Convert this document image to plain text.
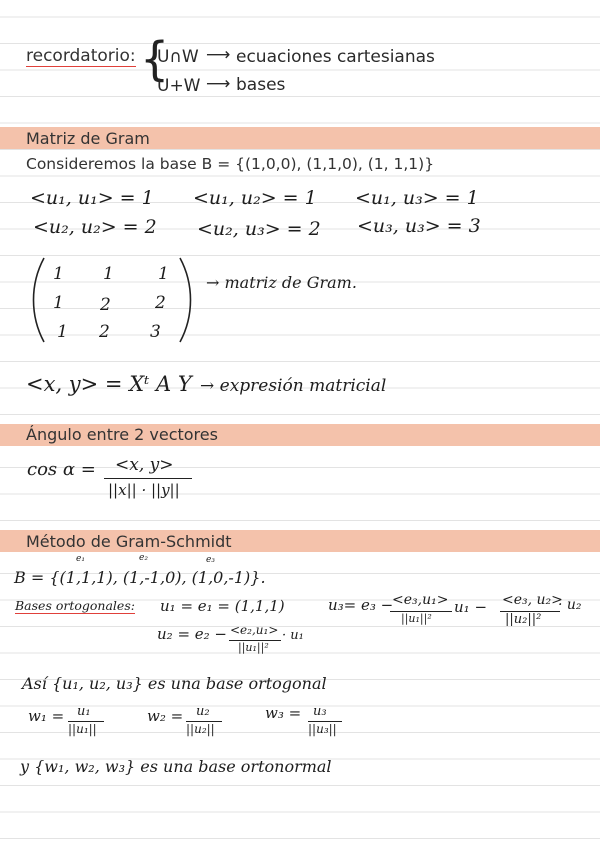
recordatorio: {
U∩W ⟶ ecuaciones cartesianas
U+W ⟶ bases
Matriz de Gram
Consideremos la base B = {(1,0,0), (1,1,0), (1, 1,1)}
<u₁, u₁> = 1 <u₁, u₂> = 1 <u₁, u₃> = 1
<u₂, u₂> = 2 <u₂, u₃> = 2 <u₃, u₃> = 3
1 1	1
1 2	2
1 2 3
→ matriz de Gram.
<x, y> = Xᵗ A Y → expresión matricial
Ángulo entre 2 vectores
cos α = <x, y>
||x|| · ||y||
Método de Gram-Schmidt
e₁	e₂	e₃
B = {(1,1,1), (1,-1,0), (1,0,-1)}.
Bases ortogonales: u₁ = e₁ = (1,1,1)
u₂ = e₂ − <e₂,u₁>
||u₁||²
· u₁
u₃= e₃ −
<e₃,u₁>
||u₁||²
u₁ − <e₃, u₂>
||u₂||²
· u₂
Así {u₁, u₂, u₃} es una base ortogonal
w₁ = u₁
||u₁||
w₂ = u₂
||u₂||
w₃ = u₃
||u₃||
y {w₁, w₂, w₃} es una base ortonormal
